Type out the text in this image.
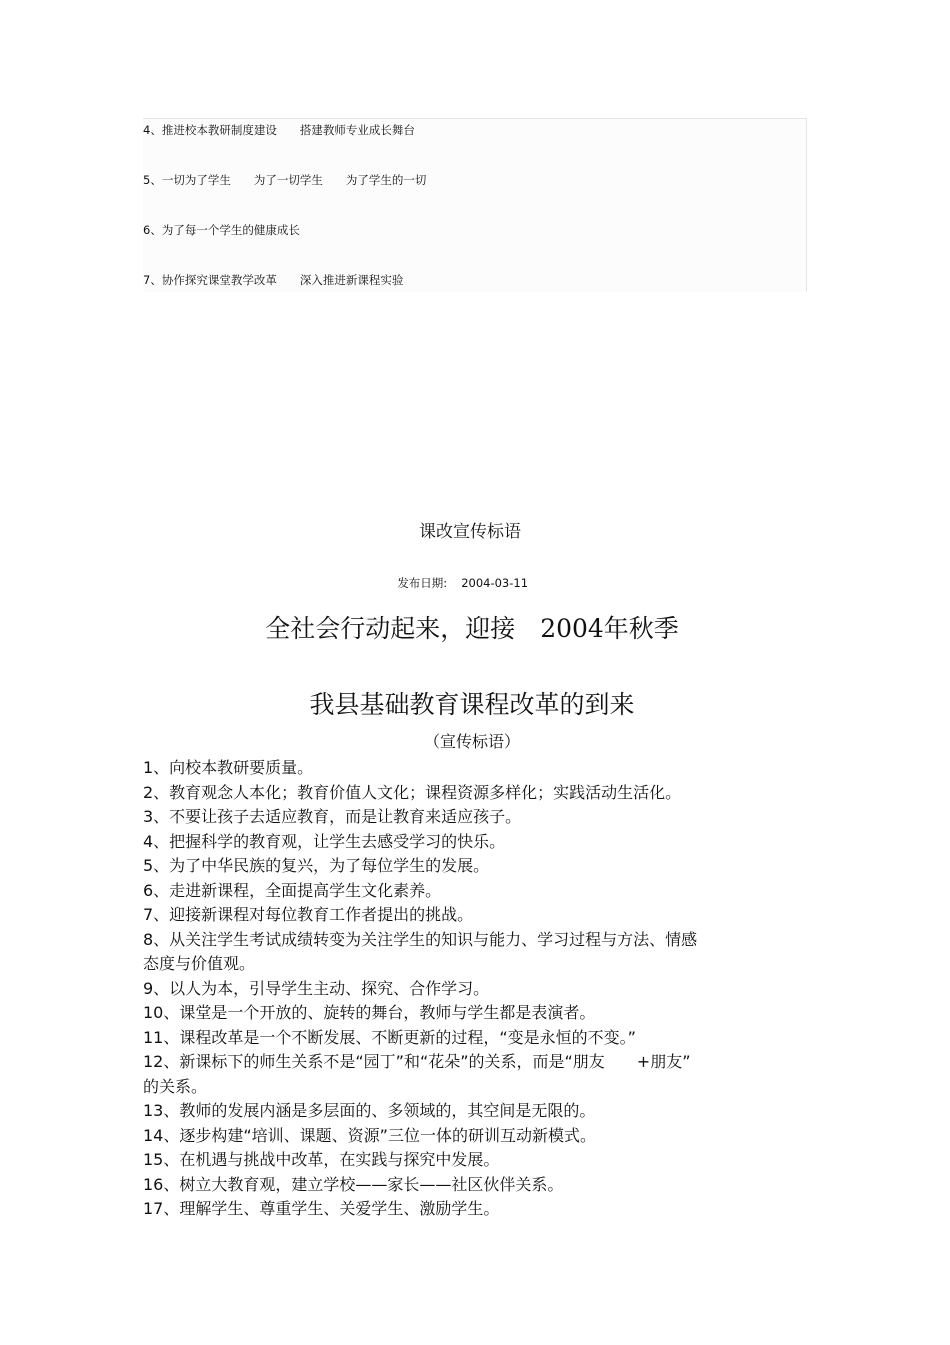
4、推进校本教研制度建设　　搭建教师专业成长舞台
5、一切为了学生　　为了一切学生　　为了学生的一切
6、为了每一个学生的健康成长
7、协作探究课堂教学改革　　深入推进新课程实验
课改宣传标语

发布日期: 2004-03-11

全社会行动起来，迎接　2004年秋季
我县基础教育课程改革的到来
（宣传标语）
1、向校本教研要质量。
2、教育观念人本化；教育价值人文化；课程资源多样化；实践活动生活化。
3、不要让孩子去适应教育，而是让教育来适应孩子。
4、把握科学的教育观，让学生去感受学习的快乐。
5、为了中华民族的复兴，为了每位学生的发展。
6、走进新课程，全面提高学生文化素养。
7、迎接新课程对每位教育工作者提出的挑战。
8、从关注学生考试成绩转变为关注学生的知识与能力、学习过程与方法、情感
态度与价值观。
9、以人为本，引导学生主动、探究、合作学习。
10、课堂是一个开放的、旋转的舞台，教师与学生都是表演者。
11、课程改革是一个不断发展、不断更新的过程，“变是永恒的不变。”
12、新课标下的师生关系不是“园丁”和“花朵”的关系，而是“朋友　　+朋友”
的关系。
13、教师的发展内涵是多层面的、多领域的，其空间是无限的。
14、逐步构建“培训、课题、资源”三位一体的研训互动新模式。
15、在机遇与挑战中改革，在实践与探究中发展。
16、树立大教育观，建立学校——家长——社区伙伴关系。
17、理解学生、尊重学生、关爱学生、激励学生。
